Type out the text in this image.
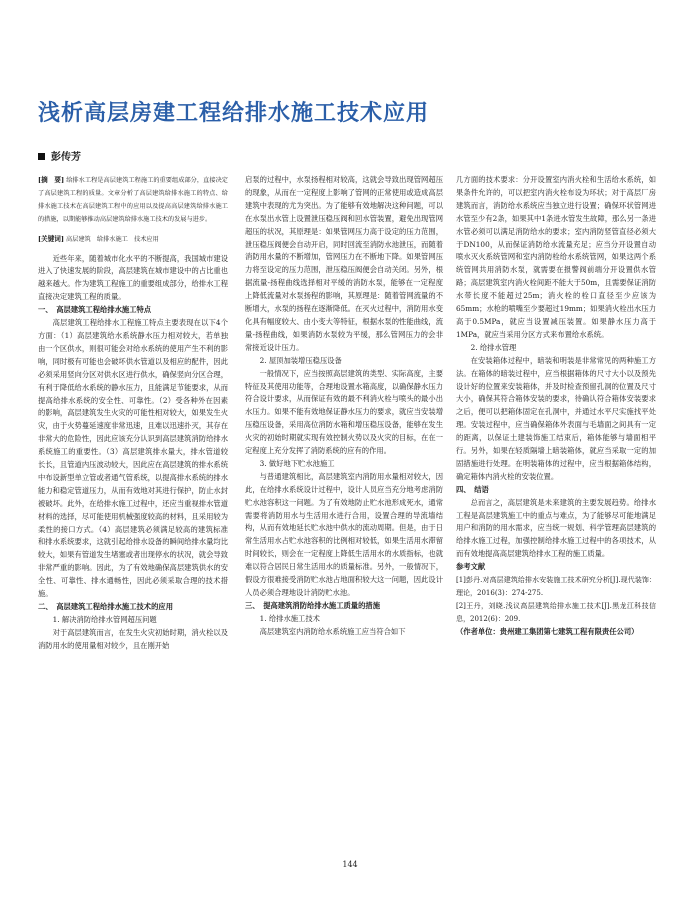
浅析高层房建工程给排水施工技术应用
彭传芳

[摘　要] 给排水工程是高层建筑工程施工的重要组成部分，直接决定了高层建筑工程的质量。文章分析了高层建筑给排水施工的特点、给排水施工技术在高层建筑工程中的应用以及提高高层建筑给排水施工的措施，以期能够推动高层建筑给排水施工技术的发展与进步。

[关键词] 高层建筑　给排水施工　技术应用

近些年来，随着城市化水平的不断提高，我国城市建设进入了快速发展的阶段，高层建筑在城市建设中的占比重也越来越大。作为建筑工程施工的重要组成部分，给排水工程直接决定建筑工程的质量。

一、　高层建筑工程给排水施工特点

高层建筑工程给排水工程施工特点主要表现在以下4个方面：（1）高层建筑给水系统静水压力相对较大，若单独由一个区供水，则很可能会对给水系统的使用产生不利的影响，同时极有可能也会破坏供水管道以及相应的配件，因此必须采用竖向分区对供水区进行供水，确保竖向分区合理，有利于降低给水系统的静水压力，且能满足节能要求，从而提高给排水系统的安全性、可靠性。（2）受各种外在因素的影响，高层建筑发生火灾的可能性相对较大，如果发生火灾，由于火势蔓延速度非常迅速，且难以迅速扑灭，其存在非常大的危险性，因此应该充分认识到高层建筑消防给排水系统施工的重要性。（3）高层建筑排水量大，排水管道较长长，且管道内压波动较大，因此应在高层建筑的排水系统中布设新型单立管或者通气管系统，以提高排水系统的排水能力和稳定管道压力，从而有效地对其进行保护，防止水封被破坏。此外，在给排水施工过程中，还应当重视排水管道材料的选择，尽可能使用机械强度较高的材料，且采用较为柔性的接口方式。（4）高层建筑必须满足较高的建筑标准和排水系统要求，这就引起给排水设备的瞬间给排水量均比较大，如果有管道发生堵塞或者出现停水的状况，就会导致非常严重的影响。因此，为了有效地确保高层建筑供水的安全性、可靠性、排水通畅性，因此必须采取合理的技术措施。

二、　高层建筑工程给排水施工技术的应用

1. 解决消防给排水管网超压问题

对于高层建筑而言，在发生火灾初始时期，消火栓以及消防用水的使用量相对较少，且在刚开始

启泵的过程中，水泵扬程相对较高，这就会导致出现管网超压的现象，从而在一定程度上影响了管网的正常使用或造成高层建筑中表现的尤为突出。为了能够有效地解决这种问题，可以在水泵出水管上设置泄压稳压阀和回水管装置，避免出现管网超压的状况，其原理是：如果管网压力高于设定的压力范围，泄压稳压阀便会自动开启，同时回流至消防水池泄压，而随着消防用水量的不断增加，管网压力在不断地下降。如果管网压力将至设定的压力范围，泄压稳压阀便会自动关闭。另外，根据流量-扬程曲线选择相对平缓的消防水泵，能够在一定程度上降低流量对水泵扬程的影响，其原理是：随着管网流量的不断增大，水泵的扬程在逐渐降低。在灭火过程中，消防用水变化具有幅度较大、由小变大等特征，根据水泵的性能曲线，流量-扬程曲线，如果消防水泵较为平缓，那么管网压力的会非常接近设计压力。

2. 屋顶加装增压稳压设备

一般情况下，应当按照高层建筑的类型、实际高度，主要特征及其使用功能等，合理地设置水箱高度，以确保静水压力符合设计要求，从而保证有效的最不利消火栓与喷头的最小出水压力。如果不能有效地保证静水压力的要求，就应当安装增压稳压设备，采用高位消防水箱和增压稳压设备，能够在发生火灾的初始时期就实现有效控制火势以及火灾的目标，在在一定程度上充分发挥了消防系统的应有的作用。

3. 做好地下贮水池施工

与普通建筑相比，高层建筑室内消防用水量相对较大，因此，在给排水系统设计过程中，设计人员应当充分地考虑消防贮水池容积这一问题。为了有效地防止贮水池形成死水，通常需要将消防用水与生活用水进行合用，设置合理的导流墙结构，从而有效地延长贮水池中供水的流动周期。但是，由于日常生活用水占贮水池容积的比例相对较低，如果生活用水滞留时间较长，则会在一定程度上降低生活用水的水质指标，也就难以符合居民日常生活用水的质量标准。另外，一般情况下，假设方很难接受消防贮水池占地面积较大这一问题，因此设计人员必须合理地设计消防贮水池。

三、　提高建筑消防给排水施工质量的措施

1. 给排水施工技术

高层建筑室内消防给水系统施工应当符合如下

几方面的技术要求：分开设置室内消火栓和生活给水系统，如果条件允许的，可以把室内消火栓布设为环状；对于高层厂房建筑而言，消防给水系统应当独立进行设置；确保环状管网进水管至少有2条，如果其中1条进水管发生故障，那么另一条进水管必须可以满足消防给水的要求；室内消防竖管直径必须大于DN100，从而保证消防给水流量充足；应当分开设置自动喷水灭火系统管网和室内消防栓给水系统管网，如果这两个系统管网共用消防水泵，就需要在报警阀前端分开设置供水管路；高层建筑室内消火栓间距不能大于50m，且需要保证消防水带长度不能超过25m；消火栓的栓口直径至少应该为65mm；水枪的喷嘴至少要超过19mm；如果消火栓出水压力高于0.5MPa，就应当设置减压装置。如果静水压力高于1MPa，就应当采用分区方式来布置给水系统。

2. 给排水管理

在安装箱体过程中，暗装和明装是非常常见的两种施工方法。在箱体的暗装过程中，应当根据箱体的尺寸大小以及预先设计好的位置来安装箱体，并及时检查预留孔洞的位置及尺寸大小，确保其符合箱体安装的要求，待确认符合箱体安装要求之后，便可以把箱体固定在孔洞中，并通过水平尺实施找平处理。安装过程中，应当确保箱体外表面与毛墙面之间具有一定的距离，以保证土建装饰施工结束后，箱体能够与墙面相平行。另外，如果在轻质隔墙上暗装箱体，就应当采取一定的加固措施进行处理。在明装箱体的过程中，应当根据箱体结构，确定箱体内消火栓的安装位置。

四、　结语

总而言之，高层建筑是未来建筑的主要发展趋势。给排水工程是高层建筑施工中的重点与难点，为了能够尽可能地满足用户和消防的用水需求，应当统一规划、科学管理高层建筑的给排水施工过程，加强控制给排水施工过程中的各项技术，从而有效地提高高层建筑给排水工程的施工质量。

参考文献

[1]彭丹.对高层建筑给排水安装施工技术研究分析[J].现代装饰：理论，2016(3)：274-275.

[2]王丹，刘晓.浅议高层建筑给排水施工技术[J].黑龙江科技信息，2012(6)：209.

（作者单位：贵州建工集团第七建筑工程有限责任公司）

144
